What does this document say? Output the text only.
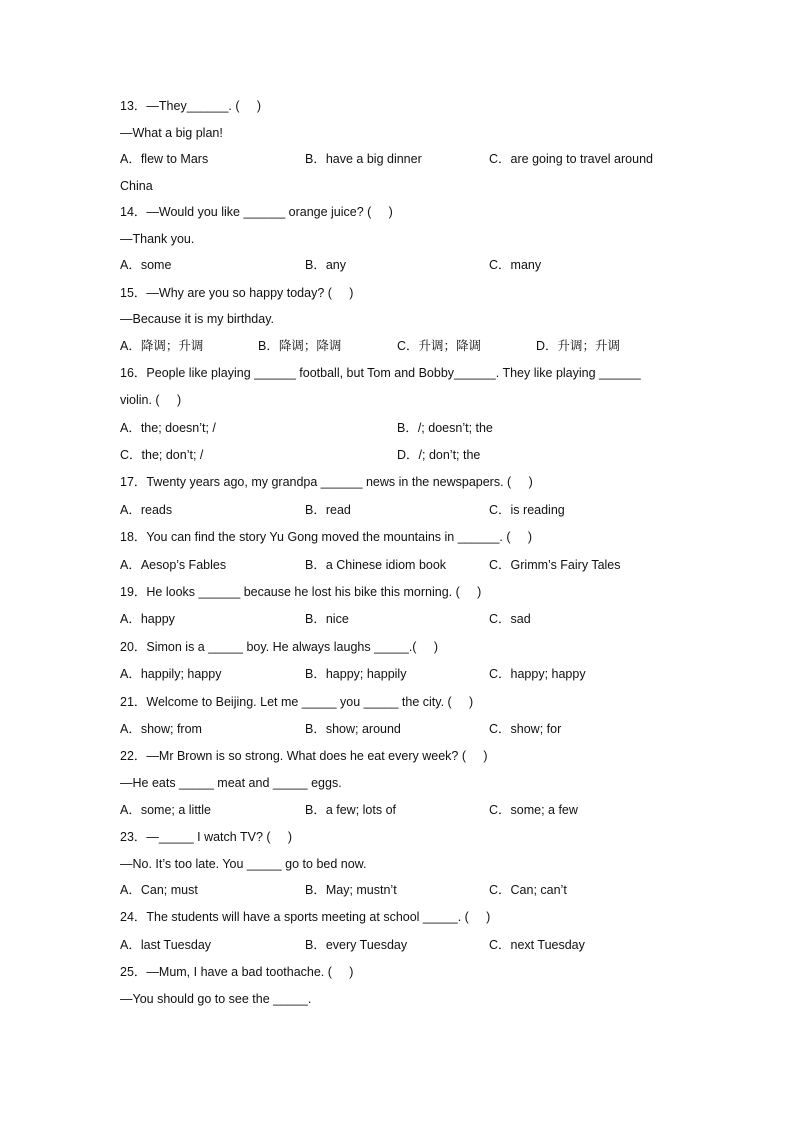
13．—They______. (     )
—What a big plan!
A．flew to Mars	B．have a big dinner	C．are going to travel around
China
14．—Would you like ______ orange juice? (     )
—Thank you.
A．some	B．any	C．many
15．—Why are you so happy today? (     )
—Because it is my birthday.
A．降调；升调	B．降调；降调	C．升调；降调	D．升调；升调
16．People like playing ______ football, but Tom and Bobby______. They like playing ______
violin. (     )
A．the; doesn’t; /	B．/; doesn’t; the
C．the; don’t; /	D．/; don’t; the
17．Twenty years ago, my grandpa ______ news in the newspapers. (     )
A．reads	B．read	C．is reading
18．You can find the story Yu Gong moved the mountains in ______. (     )
A．Aesop’s Fables	B．a Chinese idiom book	C．Grimm’s Fairy Tales
19．He looks ______ because he lost his bike this morning. (     )
A．happy	B．nice	C．sad
20．Simon is a _____ boy. He always laughs _____.(     )
A．happily; happy	B．happy; happily	C．happy; happy
21．Welcome to Beijing. Let me _____ you _____ the city. (     )
A．show; from	B．show; around	C．show; for
22．—Mr Brown is so strong. What does he eat every week? (     )
—He eats _____ meat and _____ eggs.
A．some; a little	B．a few; lots of	C．some; a few
23．—_____ I watch TV? (     )
—No. It’s too late. You _____ go to bed now.
A．Can; must	B．May; mustn’t	C．Can; can’t
24．The students will have a sports meeting at school _____. (     )
A．last Tuesday	B．every Tuesday	C．next Tuesday
25．—Mum, I have a bad toothache. (     )
—You should go to see the _____.
